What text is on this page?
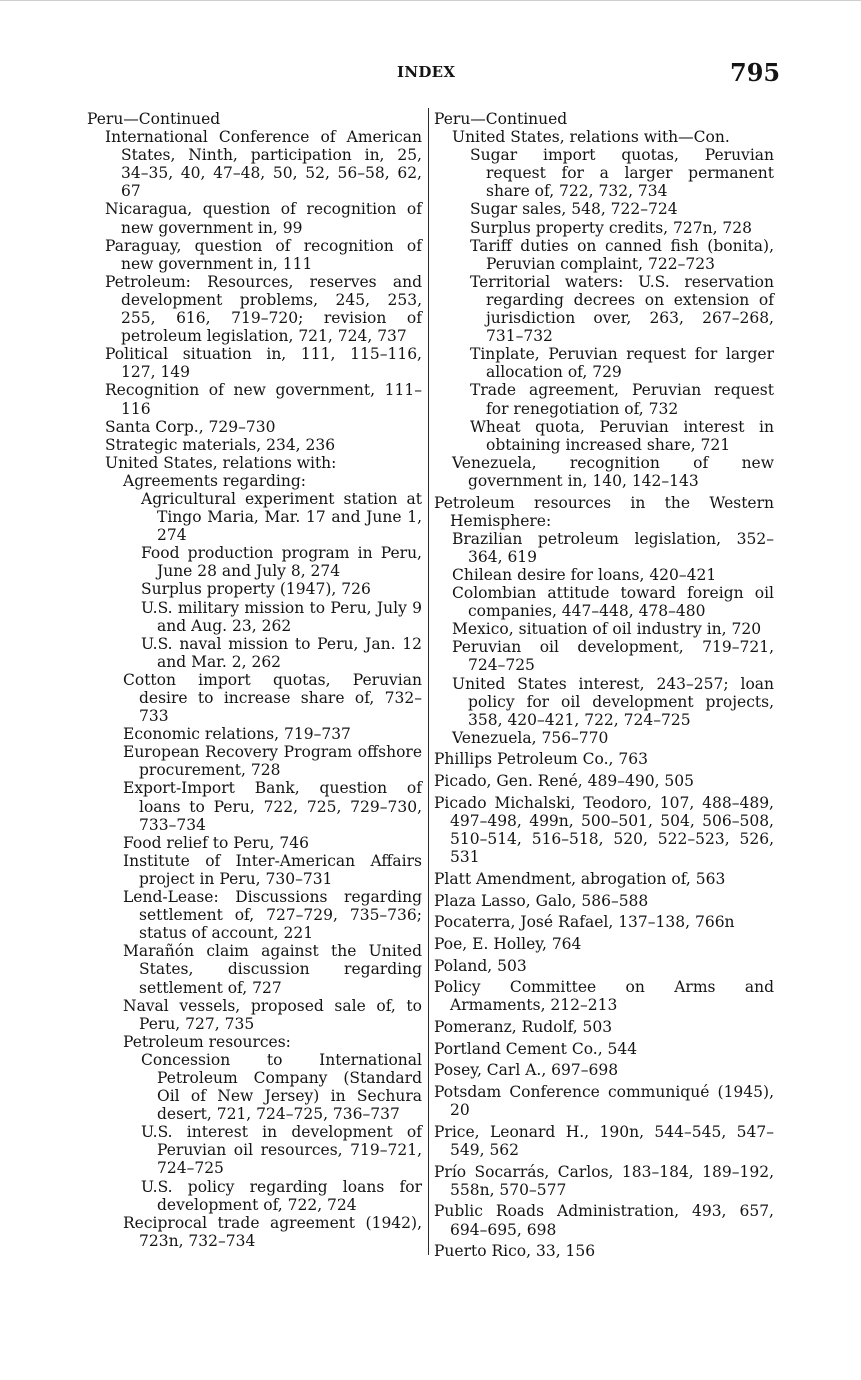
INDEX	795

Peru—Continued

International Conference of American States, Ninth, participation in, 25, 34–35, 40, 47–48, 50, 52, 56–58, 62, 67

Nicaragua, question of recognition of new government in, 99

Paraguay, question of recognition of new government in, 111

Petroleum: Resources, reserves and development problems, 245, 253, 255, 616, 719–720; revision of petroleum legislation, 721, 724, 737

Political situation in, 111, 115–116, 127, 149

Recognition of new government, 111–116

Santa Corp., 729–730

Strategic materials, 234, 236

United States, relations with:

Agreements regarding:

Agricultural experiment station at Tingo Maria, Mar. 17 and June 1, 274

Food production program in Peru, June 28 and July 8, 274

Surplus property (1947), 726

U.S. military mission to Peru, July 9 and Aug. 23, 262

U.S. naval mission to Peru, Jan. 12 and Mar. 2, 262

Cotton import quotas, Peruvian desire to increase share of, 732–733

Economic relations, 719–737

European Recovery Program offshore procurement, 728

Export-Import Bank, question of loans to Peru, 722, 725, 729–730, 733–734

Food relief to Peru, 746

Institute of Inter-American Affairs project in Peru, 730–731

Lend-Lease: Discussions regarding settlement of, 727–729, 735–736; status of account, 221

Marañón claim against the United States, discussion regarding settlement of, 727

Naval vessels, proposed sale of, to Peru, 727, 735

Petroleum resources:

Concession to International Petroleum Company (Standard Oil of New Jersey) in Sechura desert, 721, 724–725, 736–737

U.S. interest in development of Peruvian oil resources, 719–721, 724–725

U.S. policy regarding loans for development of, 722, 724

Reciprocal trade agreement (1942), 723n, 732–734

Peru—Continued

United States, relations with—Con.

Sugar import quotas, Peruvian request for a larger permanent share of, 722, 732, 734

Sugar sales, 548, 722–724

Surplus property credits, 727n, 728

Tariff duties on canned fish (bonita), Peruvian complaint, 722–723

Territorial waters: U.S. reservation regarding decrees on extension of jurisdiction over, 263, 267–268, 731–732

Tinplate, Peruvian request for larger allocation of, 729

Trade agreement, Peruvian request for renegotiation of, 732

Wheat quota, Peruvian interest in obtaining increased share, 721

Venezuela, recognition of new government in, 140, 142–143

Petroleum resources in the Western Hemisphere:

Brazilian petroleum legislation, 352–364, 619

Chilean desire for loans, 420–421

Colombian attitude toward foreign oil companies, 447–448, 478–480

Mexico, situation of oil industry in, 720

Peruvian oil development, 719–721, 724–725

United States interest, 243–257; loan policy for oil development projects, 358, 420–421, 722, 724–725

Venezuela, 756–770

Phillips Petroleum Co., 763

Picado, Gen. René, 489–490, 505

Picado Michalski, Teodoro, 107, 488–489, 497–498, 499n, 500–501, 504, 506–508, 510–514, 516–518, 520, 522–523, 526, 531

Platt Amendment, abrogation of, 563

Plaza Lasso, Galo, 586–588

Pocaterra, José Rafael, 137–138, 766n

Poe, E. Holley, 764

Poland, 503

Policy Committee on Arms and Armaments, 212–213

Pomeranz, Rudolf, 503

Portland Cement Co., 544

Posey, Carl A., 697–698

Potsdam Conference communiqué (1945), 20

Price, Leonard H., 190n, 544–545, 547–549, 562

Prío Socarrás, Carlos, 183–184, 189–192, 558n, 570–577

Public Roads Administration, 493, 657, 694–695, 698

Puerto Rico, 33, 156
